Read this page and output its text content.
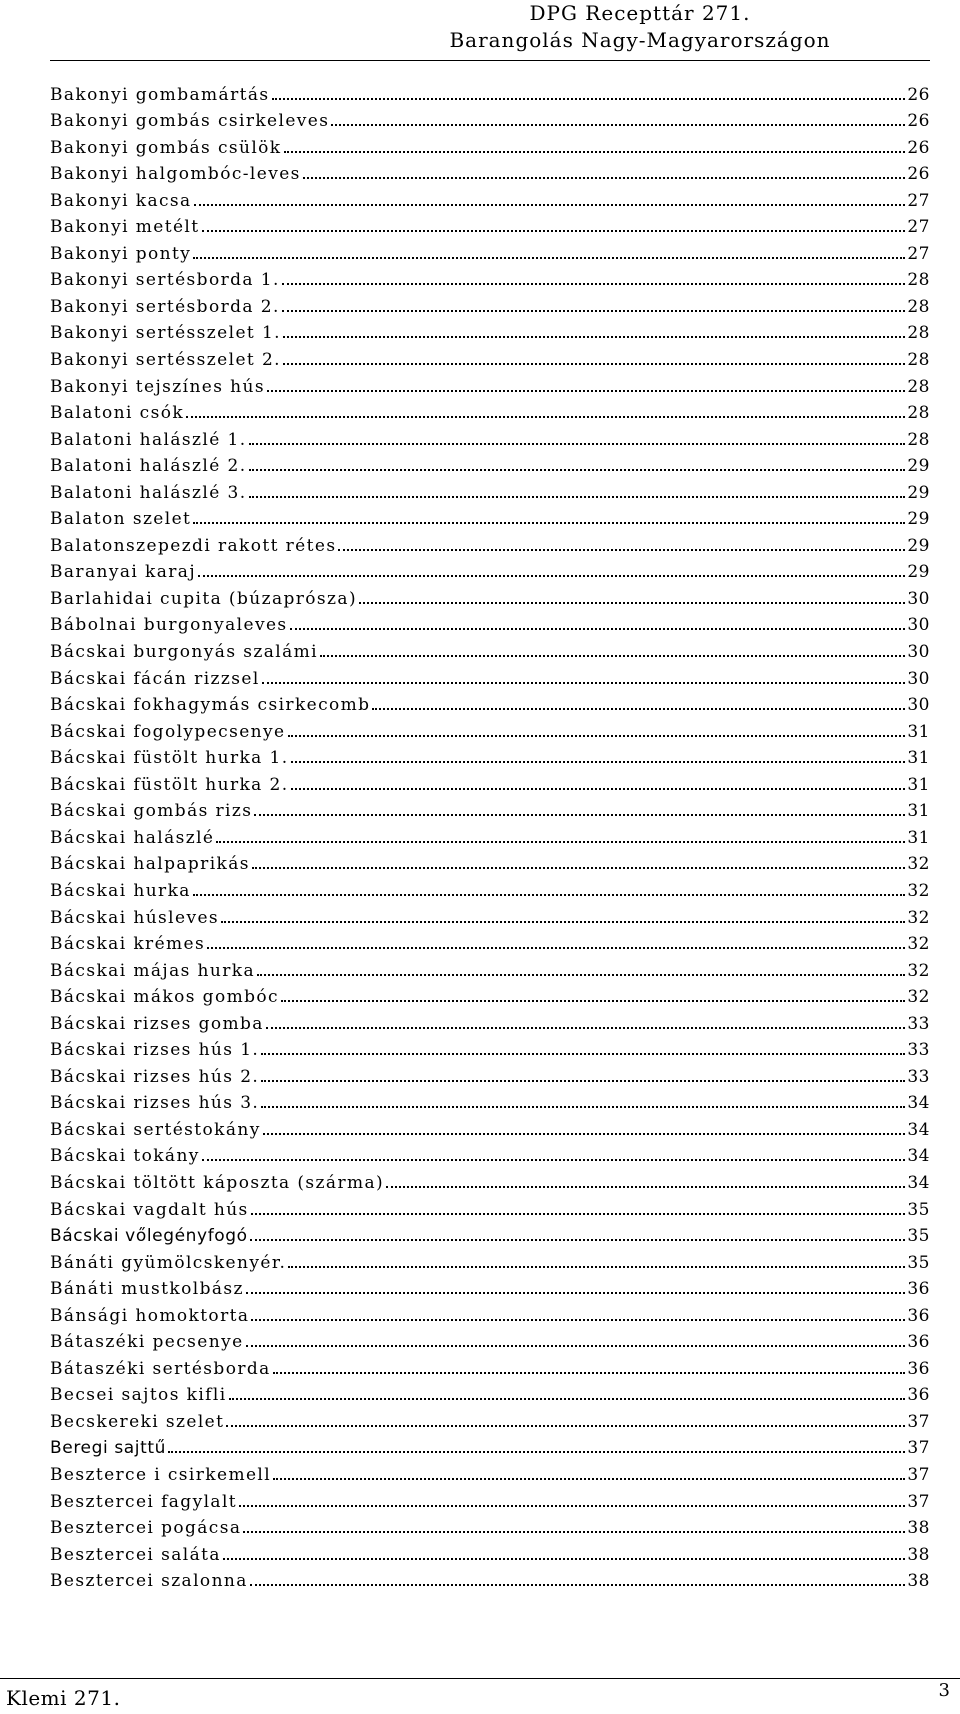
DPG Recepttár 271.
Barangolás Nagy-Magyarországon
Bakonyi gombamártás	26
Bakonyi gombás csirkeleves	26
Bakonyi gombás csülök	26
Bakonyi halgombóc-leves	26
Bakonyi kacsa	27
Bakonyi metélt	27
Bakonyi ponty	27
Bakonyi sertésborda 1.	28
Bakonyi sertésborda 2.	28
Bakonyi sertésszelet 1.	28
Bakonyi sertésszelet 2.	28
Bakonyi tejszínes hús	28
Balatoni csók	28
Balatoni halászlé 1.	28
Balatoni halászlé 2.	29
Balatoni halászlé 3.	29
Balaton szelet	29
Balatonszepezdi rakott rétes	29
Baranyai karaj	29
Barlahidai cupita (búzaprósza)	30
Bábolnai burgonyaleves	30
Bácskai burgonyás szalámi	30
Bácskai fácán rizzsel	30
Bácskai fokhagymás csirkecomb	30
Bácskai fogolypecsenye	31
Bácskai füstölt hurka 1.	31
Bácskai füstölt hurka 2.	31
Bácskai gombás rizs	31
Bácskai halászlé	31
Bácskai halpaprikás	32
Bácskai hurka	32
Bácskai húsleves	32
Bácskai krémes	32
Bácskai májas hurka	32
Bácskai mákos gombóc	32
Bácskai rizses gomba	33
Bácskai rizses hús 1.	33
Bácskai rizses hús 2.	33
Bácskai rizses hús 3.	34
Bácskai sertéstokány	34
Bácskai tokány	34
Bácskai töltött káposzta (szárma)	34
Bácskai vagdalt hús	35
Bácskai vőlegényfogó	35
Bánáti gyümölcskenyér.	35
Bánáti mustkolbász	36
Bánsági homoktorta	36
Bátaszéki pecsenye	36
Bátaszéki sertésborda	36
Becsei sajtos kifli	36
Becskereki szelet	37
Beregi sajttű	37
Beszterce i csirkemell	37
Besztercei fagylalt	37
Besztercei pogácsa	38
Besztercei saláta	38
Besztercei szalonna	38
Klemi 271.	3
